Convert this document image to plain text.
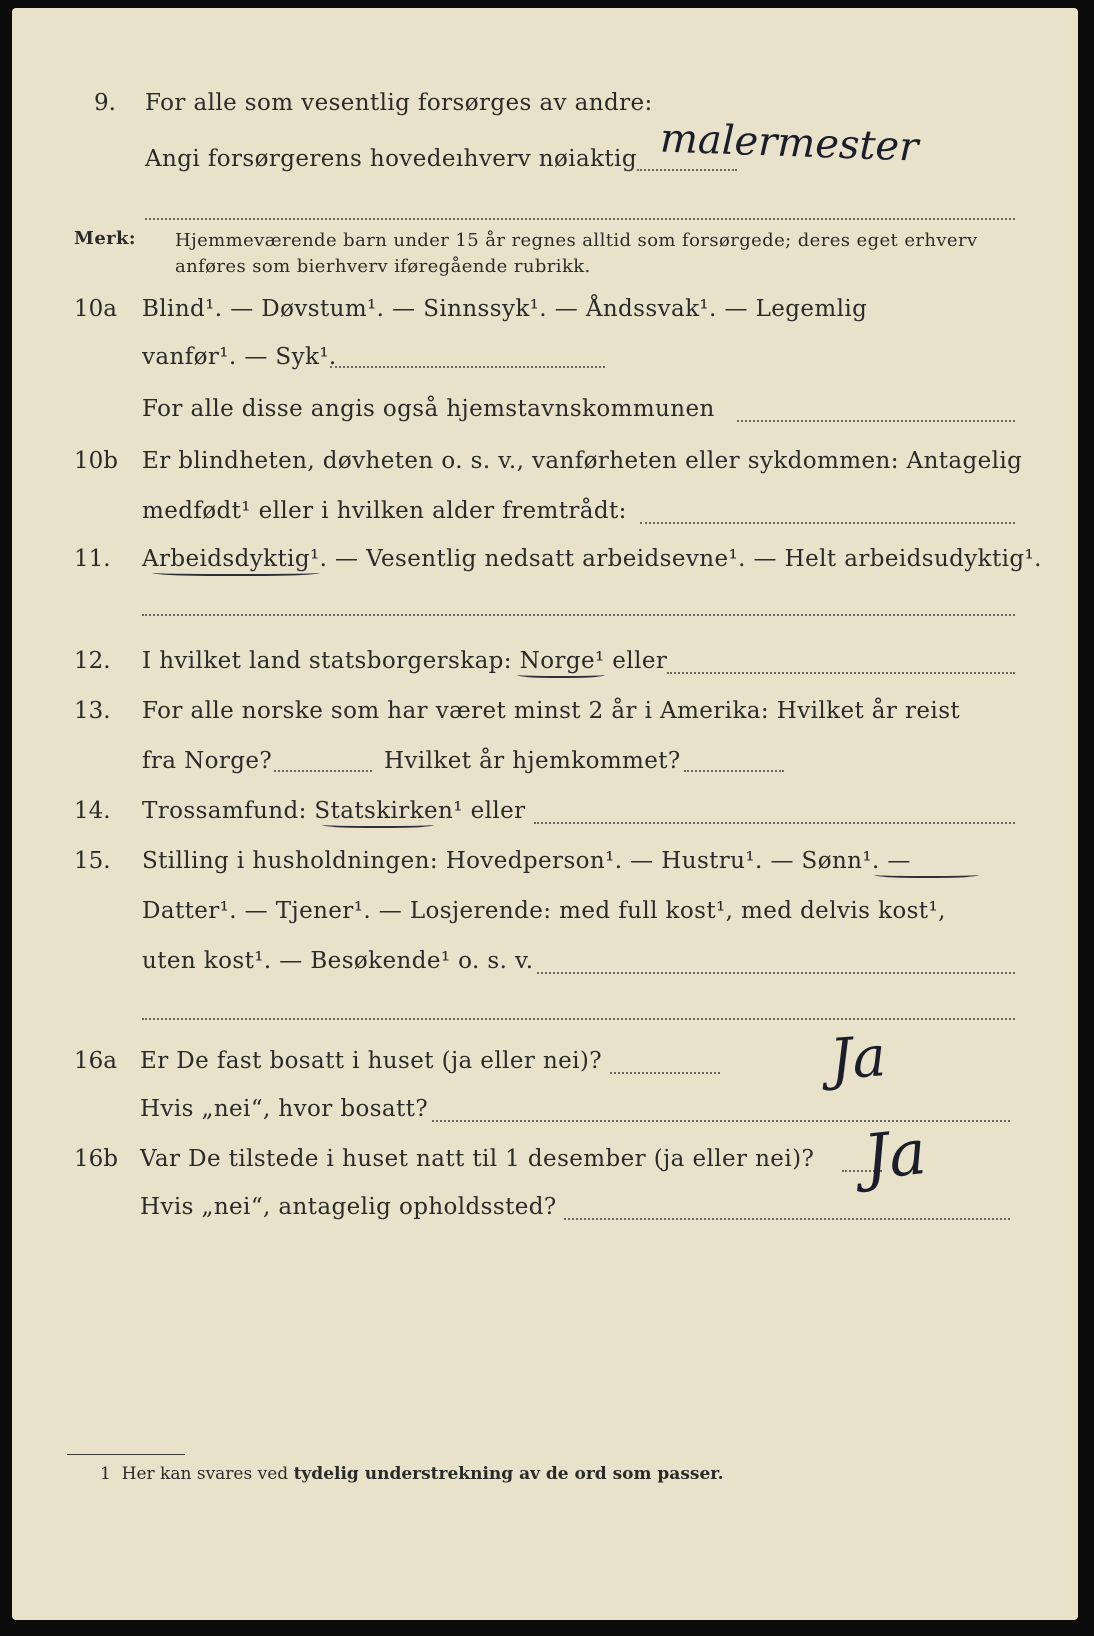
9. For alle som vesentlig forsørges av andre:
Angi forsørgerens hovedeıhverv nøiaktig malermester
Merk: Hjemmeværende barn under 15 år regnes alltid som forsørgede; deres eget erhverv
anføres som bierhverv iføregående rubrikk.
10a Blind¹. — Døvstum¹. — Sinnssyk¹. — Åndssvak¹. — Legemlig
vanfør¹. — Syk¹.
For alle disse angis også hjemstavnskommunen
10b Er blindheten, døvheten o. s. v., vanførheten eller sykdommen: Antagelig
medfødt¹ eller i hvilken alder fremtrådt:
11. Arbeidsdyktig¹. — Vesentlig nedsatt arbeidsevne¹. — Helt arbeidsudyktig¹.
12. I hvilket land statsborgerskap: Norge¹ eller
13. For alle norske som har været minst 2 år i Amerika: Hvilket år reist
fra Norge?	Hvilket år hjemkommet?
14. Trossamfund: Statskirken¹ eller
15. Stilling i husholdningen: Hovedperson¹. — Hustru¹. — Sønn¹. —
Datter¹. — Tjener¹. — Losjerende: med full kost¹, med delvis kost¹,
uten kost¹. — Besøkende¹ o. s. v.
16a Er De fast bosatt i huset (ja eller nei)?	Ja
Hvis „nei“, hvor bosatt?
16b Var De tilstede i huset natt til 1 desember (ja eller nei)? Ja
Hvis „nei“, antagelig opholdssted?
1 Her kan svares ved tydelig understrekning av de ord som passer.
